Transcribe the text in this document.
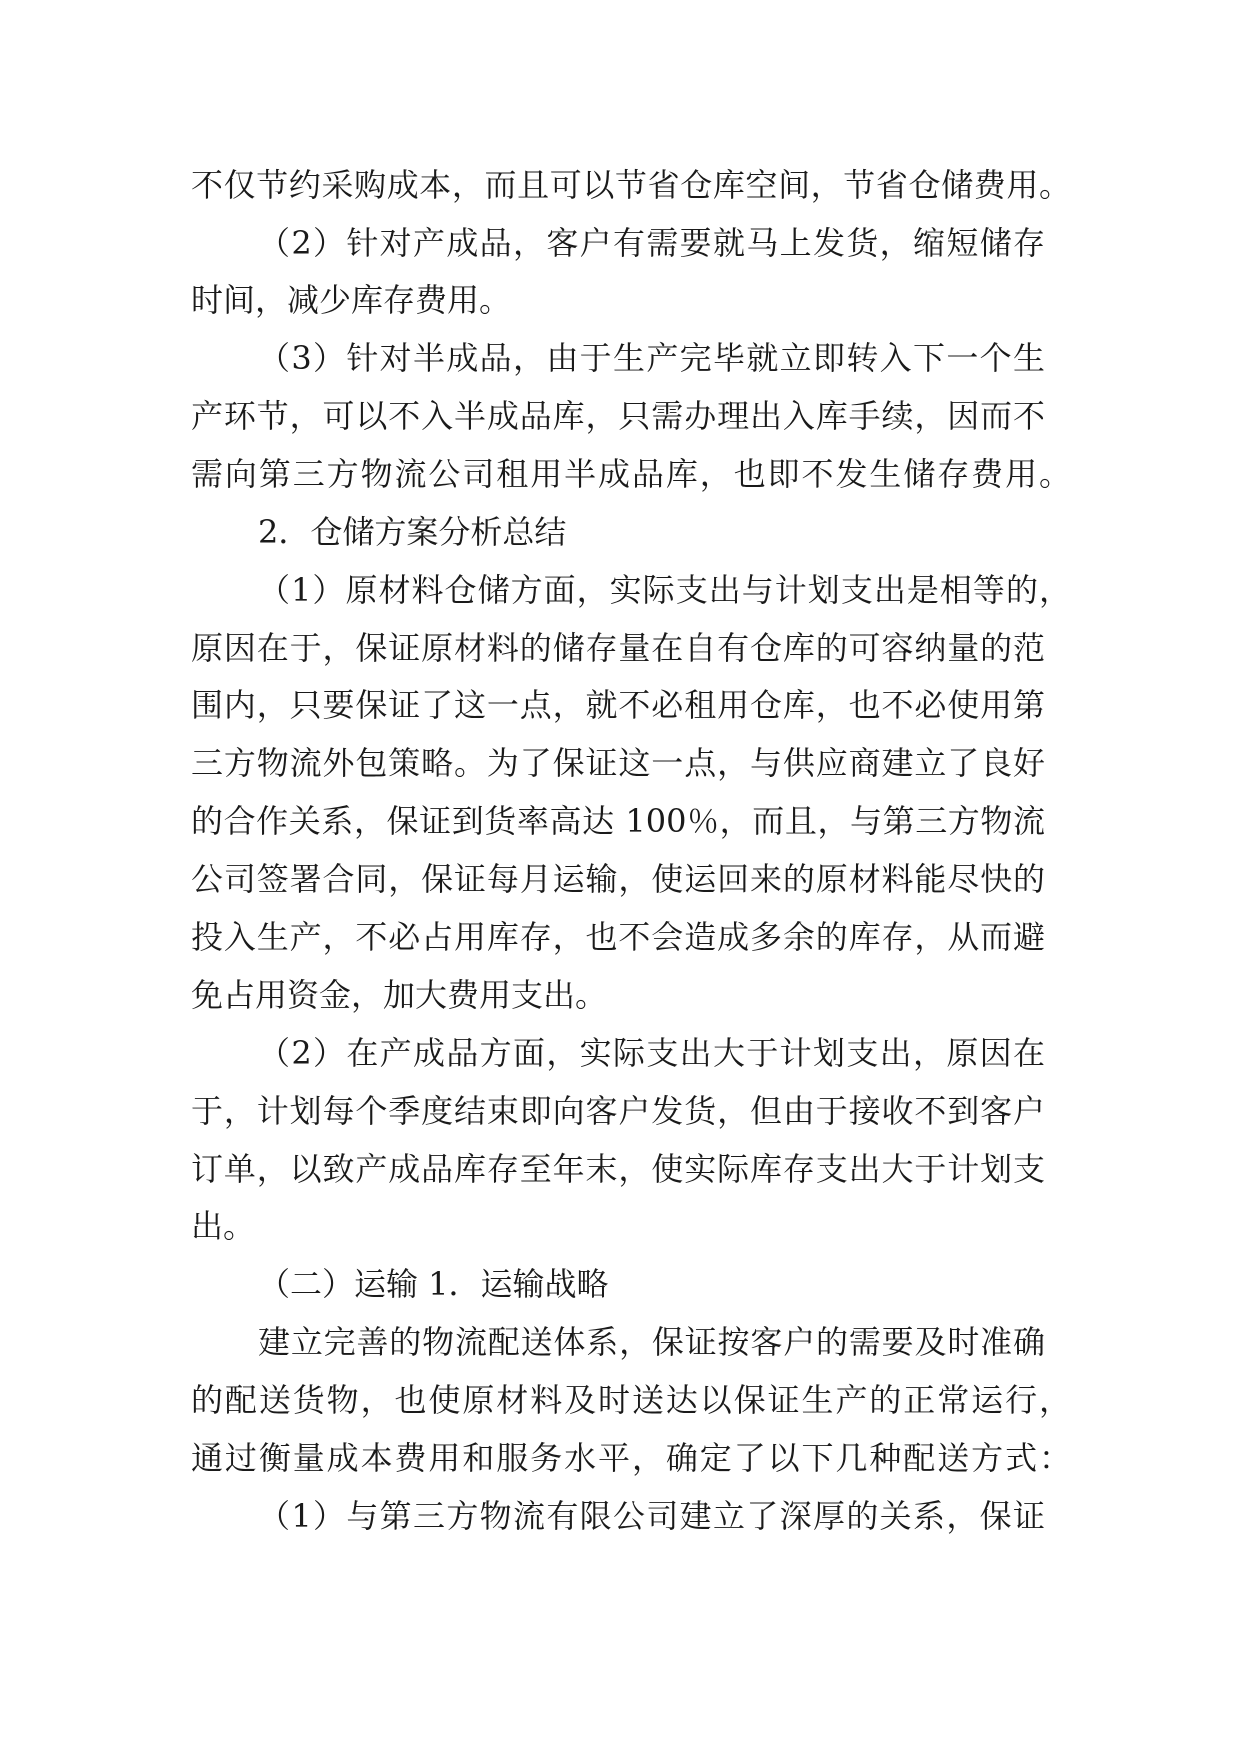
不仅节约采购成本，而且可以节省仓库空间，节省仓储费用。
（2）针对产成品，客户有需要就马上发货，缩短储存
时间，减少库存费用。
（3）针对半成品，由于生产完毕就立即转入下一个生
产环节，可以不入半成品库，只需办理出入库手续，因而不
需向第三方物流公司租用半成品库，也即不发生储存费用。
2．仓储方案分析总结
（1）原材料仓储方面，实际支出与计划支出是相等的，
原因在于，保证原材料的储存量在自有仓库的可容纳量的范
围内，只要保证了这一点，就不必租用仓库，也不必使用第
三方物流外包策略。为了保证这一点，与供应商建立了良好
的合作关系，保证到货率高达 100％，而且，与第三方物流
公司签署合同，保证每月运输，使运回来的原材料能尽快的
投入生产，不必占用库存，也不会造成多余的库存，从而避
免占用资金，加大费用支出。
（2）在产成品方面，实际支出大于计划支出，原因在
于，计划每个季度结束即向客户发货，但由于接收不到客户
订单，以致产成品库存至年末，使实际库存支出大于计划支
出。
（二）运输 1．运输战略
建立完善的物流配送体系，保证按客户的需要及时准确
的配送货物，也使原材料及时送达以保证生产的正常运行，
通过衡量成本费用和服务水平，确定了以下几种配送方式：
（1）与第三方物流有限公司建立了深厚的关系，保证
